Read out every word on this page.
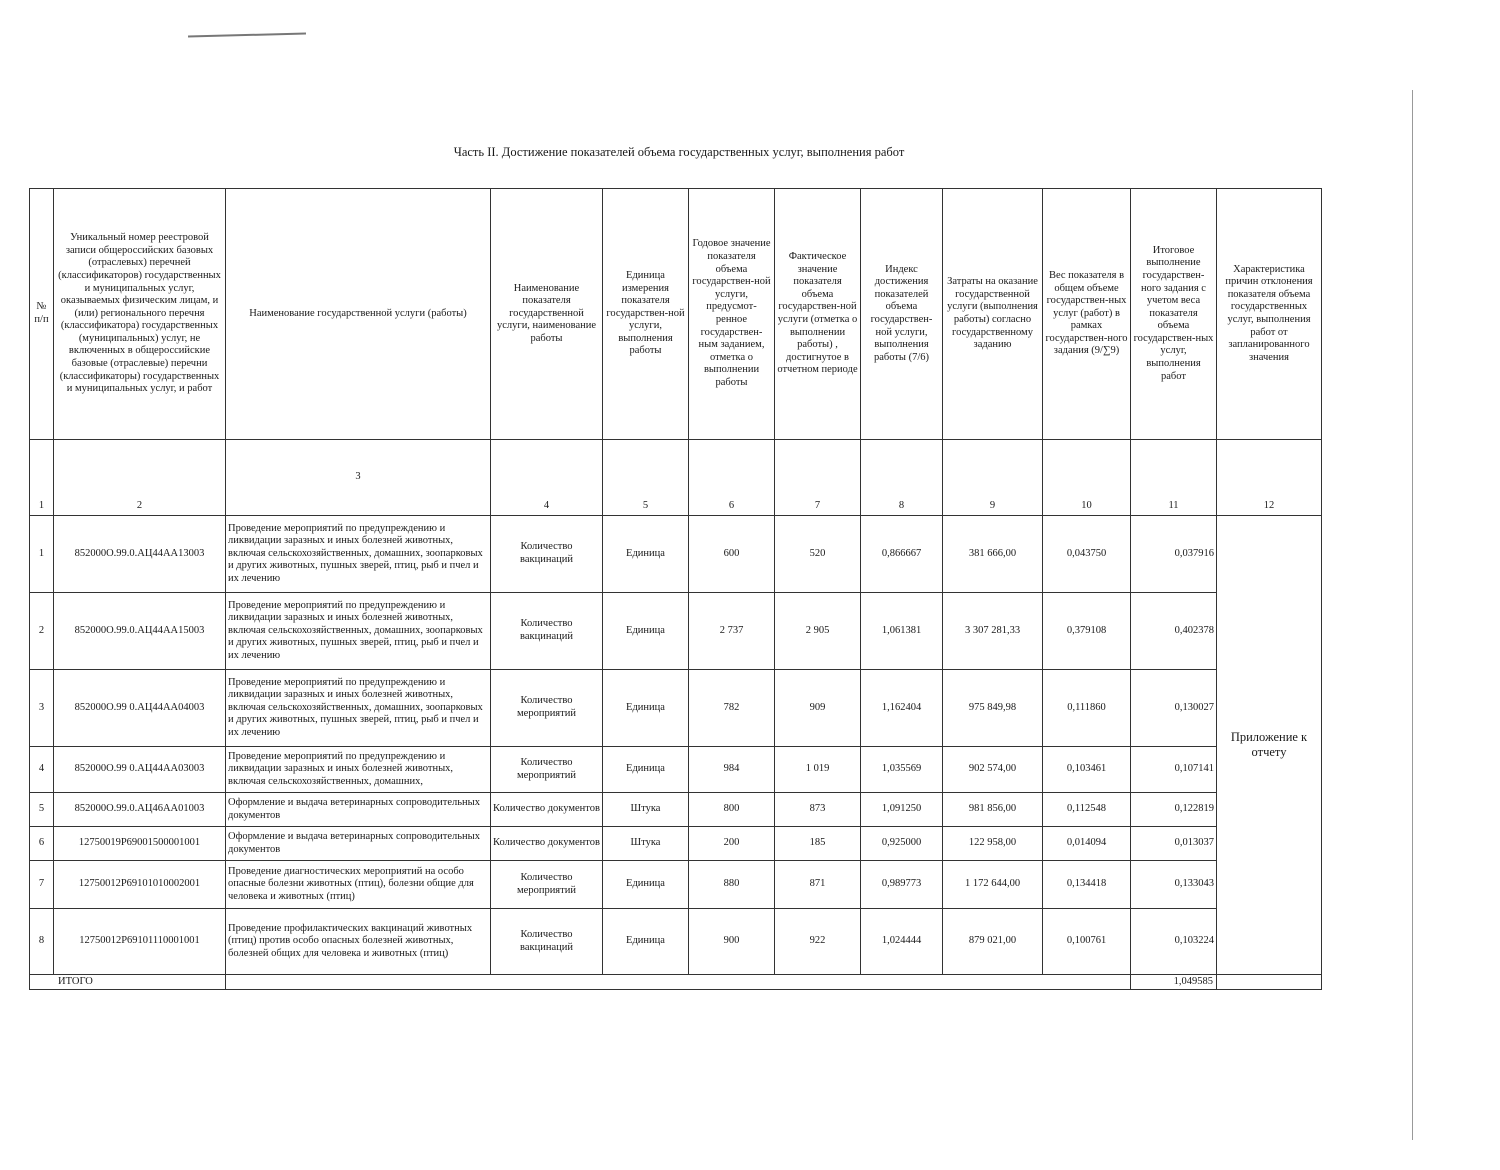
Часть II. Достижение показателей объема государственных услуг, выполнения работ
№ п/п	Уникальный номер реестровой записи общероссийских базовых (отраслевых) перечней (классификаторов) государственных и муниципальных услуг, оказываемых физическим лицам, и (или) регионального перечня (классификатора) государственных (муниципальных) услуг, не включенных в общероссийские базовые (отраслевые) перечни (классификаторы) государственных и муниципальных услуг, и работ	Наименование государственной услуги (работы)	Наименование показателя государственной услуги, наименование работы	Единица измерения показателя государствен-ной услуги, выполнения работы	Годовое значение показателя объема государствен-ной услуги, предусмот-ренное государствен-ным заданием, отметка о выполнении работы	Фактическое значение показателя объема государствен-ной услуги (отметка о выполнении работы) , достигнутое в отчетном периоде	Индекс достижения показателей объема государствен-ной услуги, выполнения работы (7/6)	Затраты на оказание государственной услуги (выполнения работы) согласно государственному заданию	Вес показателя в общем объеме государствен-ных услуг (работ) в рамках государствен-ного задания (9/∑9)	Итоговое выполнение государствен-ного задания с учетом веса показателя объема государствен-ных услуг, выполнения работ	Характеристика причин отклонения показателя объема государственных услуг, выполнения работ от запланированного значения
1	2	3	4	5	6	7	8	9	10	11	12
1	852000О.99.0.АЦ44АА13003	Проведение мероприятий по предупреждению и ликвидации заразных и иных болезней животных, включая сельскохозяйственных, домашних, зоопарковых и других животных, пушных зверей, птиц, рыб и пчел и их лечению	Количество вакцинаций	Единица	600	520	0,866667	381 666,00	0,043750	0,037916	Приложение к отчету
2	852000О.99.0.АЦ44АА15003	Проведение мероприятий по предупреждению и ликвидации заразных и иных болезней животных, включая сельскохозяйственных, домашних, зоопарковых и других животных, пушных зверей, птиц, рыб и пчел и их лечению	Количество вакцинаций	Единица	2 737	2 905	1,061381	3 307 281,33	0,379108	0,402378	
3	852000О.99 0.АЦ44АА04003	Проведение мероприятий по предупреждению и ликвидации заразных и иных болезней животных, включая сельскохозяйственных, домашних, зоопарковых и других животных, пушных зверей, птиц, рыб и пчел и их лечению	Количество мероприятий	Единица	782	909	1,162404	975 849,98	0,111860	0,130027	
4	852000О.99 0.АЦ44АА03003	Проведение мероприятий по предупреждению и ликвидации заразных и иных болезней животных, включая сельскохозяйственных, домашних,	Количество мероприятий	Единица	984	1 019	1,035569	902 574,00	0,103461	0,107141	
5	852000О.99.0.АЦ46АА01003	Оформление и выдача ветеринарных сопроводительных документов	Количество документов	Штука	800	873	1,091250	981 856,00	0,112548	0,122819	
6	12750019Р69001500001001	Оформление и выдача ветеринарных сопроводительных документов	Количество документов	Штука	200	185	0,925000	122 958,00	0,014094	0,013037	
7	12750012Р69101010002001	Проведение диагностических мероприятий на особо опасные болезни животных (птиц), болезни общие для человека и животных (птиц)	Количество мероприятий	Единица	880	871	0,989773	1 172 644,00	0,134418	0,133043	
8	12750012Р69101110001001	Проведение профилактических вакцинаций животных (птиц) против особо опасных болезней животных, болезней общих для человека и животных (птиц)	Количество вакцинаций	Единица	900	922	1,024444	879 021,00	0,100761	0,103224	
ИТОГО										1,049585	
